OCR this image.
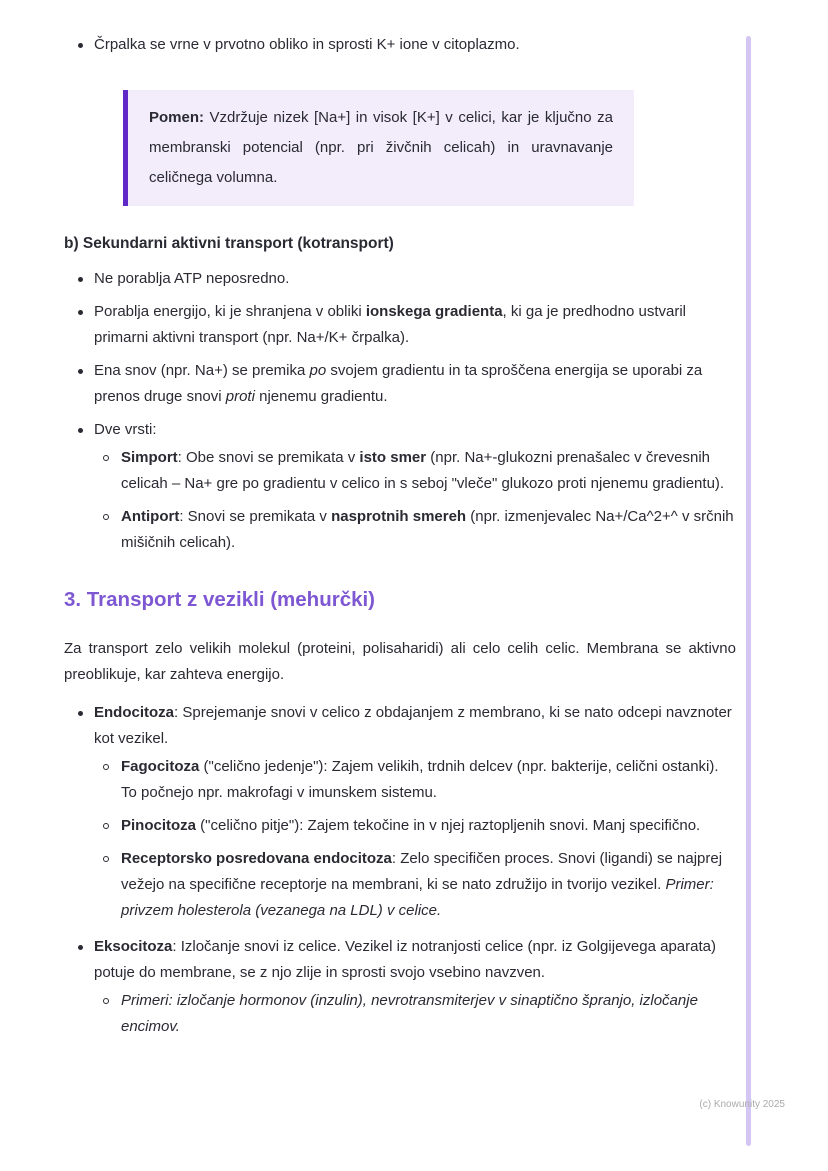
Črpalka se vrne v prvotno obliko in sprosti K+ ione v citoplazmo.

Pomen: Vzdržuje nizek [Na+] in visok [K+] v celici, kar je ključno za membranski potencial (npr. pri živčnih celicah) in uravnavanje celičnega volumna.

b) Sekundarni aktivni transport (kotransport)

Ne porablja ATP neposredno.

Porablja energijo, ki je shranjena v obliki ionskega gradienta, ki ga je predhodno ustvaril primarni aktivni transport (npr. Na+/K+ črpalka).

Ena snov (npr. Na+) se premika po svojem gradientu in ta sproščena energija se uporabi za prenos druge snovi proti njenemu gradientu.

Dve vrsti:

Simport: Obe snovi se premikata v isto smer (npr. Na+-glukozni prenašalec v črevesnih celicah – Na+ gre po gradientu v celico in s seboj "vleče" glukozo proti njenemu gradientu).

Antiport: Snovi se premikata v nasprotnih smereh (npr. izmenjevalec Na+/Ca^2+^ v srčnih mišičnih celicah).

3. Transport z vezikli (mehurčki)

Za transport zelo velikih molekul (proteini, polisaharidi) ali celo celih celic. Membrana se aktivno preoblikuje, kar zahteva energijo.

Endocitoza: Sprejemanje snovi v celico z obdajanjem z membrano, ki se nato odcepi navznoter kot vezikel.

Fagocitoza ("celično jedenje"): Zajem velikih, trdnih delcev (npr. bakterije, celični ostanki). To počnejo npr. makrofagi v imunskem sistemu.

Pinocitoza ("celično pitje"): Zajem tekočine in v njej raztopljenih snovi. Manj specifično.

Receptorsko posredovana endocitoza: Zelo specifičen proces. Snovi (ligandi) se najprej vežejo na specifične receptorje na membrani, ki se nato združijo in tvorijo vezikel. Primer: privzem holesterola (vezanega na LDL) v celice.

Eksocitoza: Izločanje snovi iz celice. Vezikel iz notranjosti celice (npr. iz Golgijevega aparata) potuje do membrane, se z njo zlije in sprosti svojo vsebino navzven.

Primeri: izločanje hormonov (inzulin), nevrotransmiterjev v sinaptično špranjo, izločanje encimov.

(c) Knowunity 2025
